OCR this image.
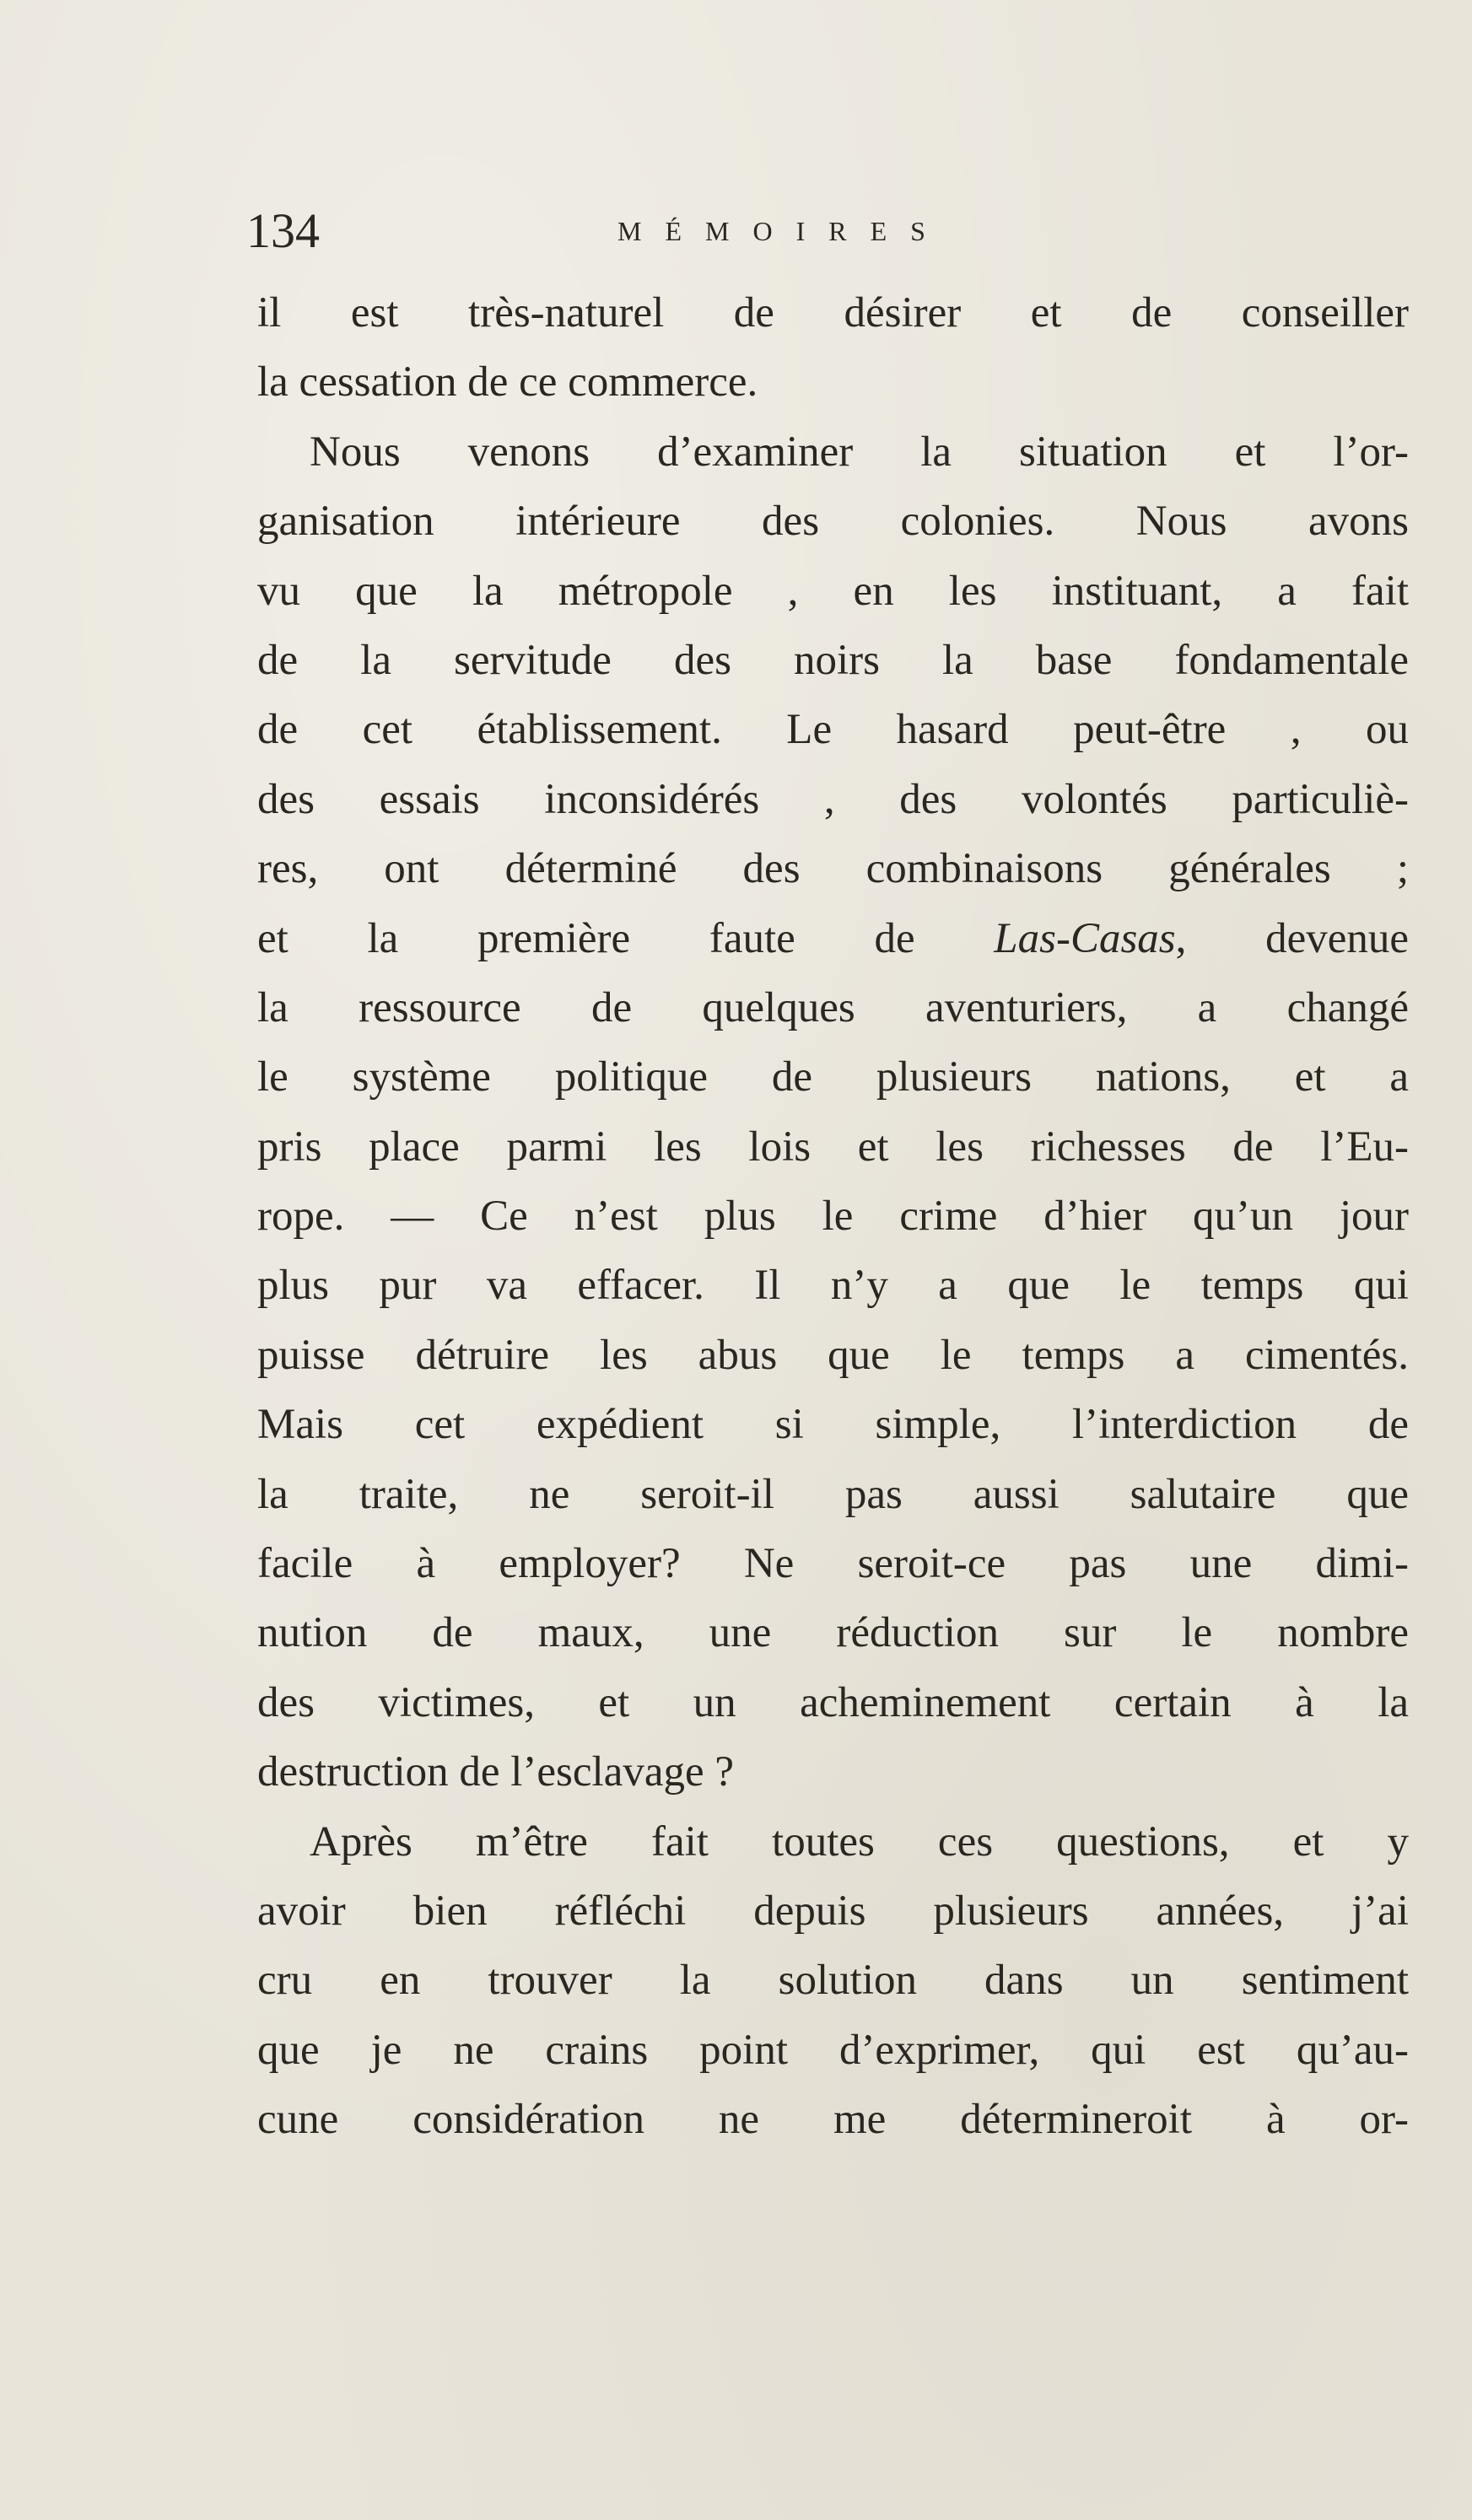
134	MÉMOIRES
il est très-naturel de désirer et de conseiller
la cessation de ce commerce.
Nous venons d’examiner la situation et l’or-
ganisation intérieure des colonies. Nous avons
vu que la métropole , en les instituant, a fait
de la servitude des noirs la base fondamentale
de cet établissement. Le hasard peut-être , ou
des essais inconsidérés , des volontés particuliè-
res, ont déterminé des combinaisons générales ;
et la première faute de Las-Casas, devenue
la ressource de quelques aventuriers, a changé
le système politique de plusieurs nations, et a
pris place parmi les lois et les richesses de l’Eu-
rope. — Ce n’est plus le crime d’hier qu’un jour
plus pur va effacer. Il n’y a que le temps qui
puisse détruire les abus que le temps a cimentés.
Mais cet expédient si simple, l’interdiction de
la traite, ne seroit-il pas aussi salutaire que
facile à employer? Ne seroit-ce pas une dimi-
nution de maux, une réduction sur le nombre
des victimes, et un acheminement certain à la
destruction de l’esclavage ?
Après m’être fait toutes ces questions, et y
avoir bien réfléchi depuis plusieurs années, j’ai
cru en trouver la solution dans un sentiment
que je ne crains point d’exprimer, qui est qu’au-
cune considération ne me détermineroit à or-
